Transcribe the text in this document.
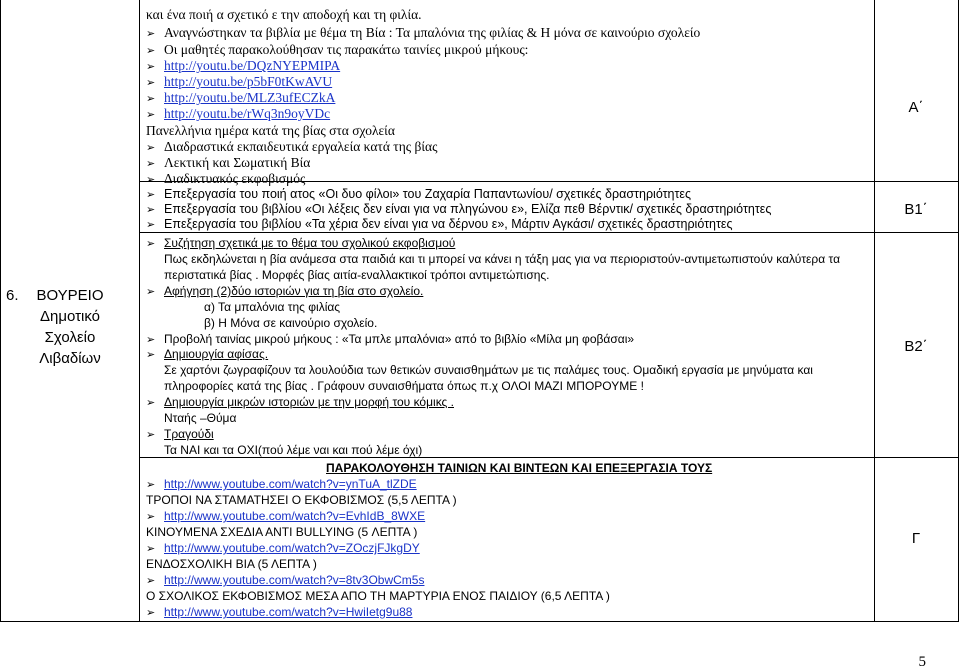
6.	ΒΟΥΡΕΙΟ
Δημοτικό
Σχολείο
Λιβαδίων
Α΄
Β1΄
Β2΄
Γ
και ένα ποιή α σχετικό ε την αποδοχή και τη φιλία.
➢ Αναγνώστηκαν τα βιβλία με θέμα τη Βία : Τα μπαλόνια της φιλίας & Η μόνα σε καινούριο σχολείο
➢ Οι μαθητές παρακολούθησαν τις παρακάτω ταινίες μικρού μήκους:
➢ http://youtu.be/DQzNYEPMIPA
➢ http://youtu.be/p5bF0tKwAVU
➢ http://youtu.be/MLZ3ufECZkA
➢ http://youtu.be/rWq3n9oyVDc
Πανελλήνια ημέρα κατά της βίας στα σχολεία
➢ Διαδραστικά εκπαιδευτικά εργαλεία κατά της βίας
➢ Λεκτική και Σωματική Βία
➢ Διαδικτυακός εκφοβισμός
➢ Επεξεργασία του ποιή ατος «Οι δυο φίλοι» του Ζαχαρία Παπαντωνίου/ σχετικές δραστηριότητες
➢ Επεξεργασία του βιβλίου «Οι λέξεις δεν είναι για να πληγώνου ε», Ελίζα πεθ Βέρντικ/ σχετικές δραστηριότητες
➢ Επεξεργασία του βιβλίου «Τα χέρια δεν είναι για να δέρνου ε», Μάρτιν Αγκάσι/ σχετικές δραστηριότητες
➢ Συζήτηση σχετικά με το θέμα του σχολικού εκφοβισμού
Πως εκδηλώνεται η βία ανάμεσα στα παιδιά και τι μπορεί να κάνει η τάξη μας για να περιοριστούν-αντιμετωπιστούν καλύτερα τα
περιστατικά βίας . Μορφές βίας αιτία-εναλλακτικοί τρόποι αντιμετώπισης.
➢ Αφήγηση (2)δύο ιστοριών για τη βία στο σχολείο.
α) Τα μπαλόνια της φιλίας
β) Η Μόνα σε καινούριο σχολείο.
➢ Προβολή ταινίας μικρού μήκους : «Τα μπλε μπαλόνια» από το βιβλίο «Μίλα μη φοβάσαι»
➢ Δημιουργία αφίσας.
Σε χαρτόνι ζωγραφίζουν τα λουλούδια των θετικών συναισθημάτων με τις παλάμες τους. Ομαδική εργασία με μηνύματα και
πληροφορίες κατά της βίας . Γράφουν συναισθήματα όπως π.χ ΟΛΟΙ ΜΑΖΙ ΜΠΟΡΟΥΜΕ !
➢ Δημιουργία μικρών ιστοριών με την μορφή του κόμικς .
Νταής –Θύμα
➢ Τραγούδι
Τα ΝΑΙ και τα ΟΧΙ(πού λέμε ναι και πού λέμε όχι)
ΠΑΡΑΚΟΛΟΥΘΗΣΗ ΤΑΙΝΙΩΝ ΚΑΙ ΒΙΝΤΕΩΝ ΚΑΙ ΕΠΕΞΕΡΓΑΣΙΑ ΤΟΥΣ
➢ http://www.youtube.com/watch?v=ynTuA_tlZDE
ΤΡΟΠΟΙ ΝΑ ΣΤΑΜΑΤΗΣΕΙ Ο ΕΚΦΟΒΙΣΜΟΣ (5,5 ΛΕΠΤΑ )
➢ http://www.youtube.com/watch?v=EvhIdB_8WXE
ΚΙΝΟΥΜΕΝΑ ΣΧΕΔΙΑ ΑΝΤΙ BULLYING (5 ΛΕΠΤΑ )
➢ http://www.youtube.com/watch?v=ZOczjFJkgDY
ΕΝΔΟΣΧΟΛΙΚΗ ΒΙΑ (5 ΛΕΠΤΑ )
➢ http://www.youtube.com/watch?v=8tv3ObwCm5s
Ο ΣΧΟΛΙΚΟΣ ΕΚΦΟΒΙΣΜΟΣ ΜΕΣΑ ΑΠΟ ΤΗ ΜΑΡΤΥΡΙΑ ΕΝΟΣ ΠΑΙΔΙΟΥ (6,5 ΛΕΠΤΑ )
➢ http://www.youtube.com/watch?v=HwiIetg9u88
5
